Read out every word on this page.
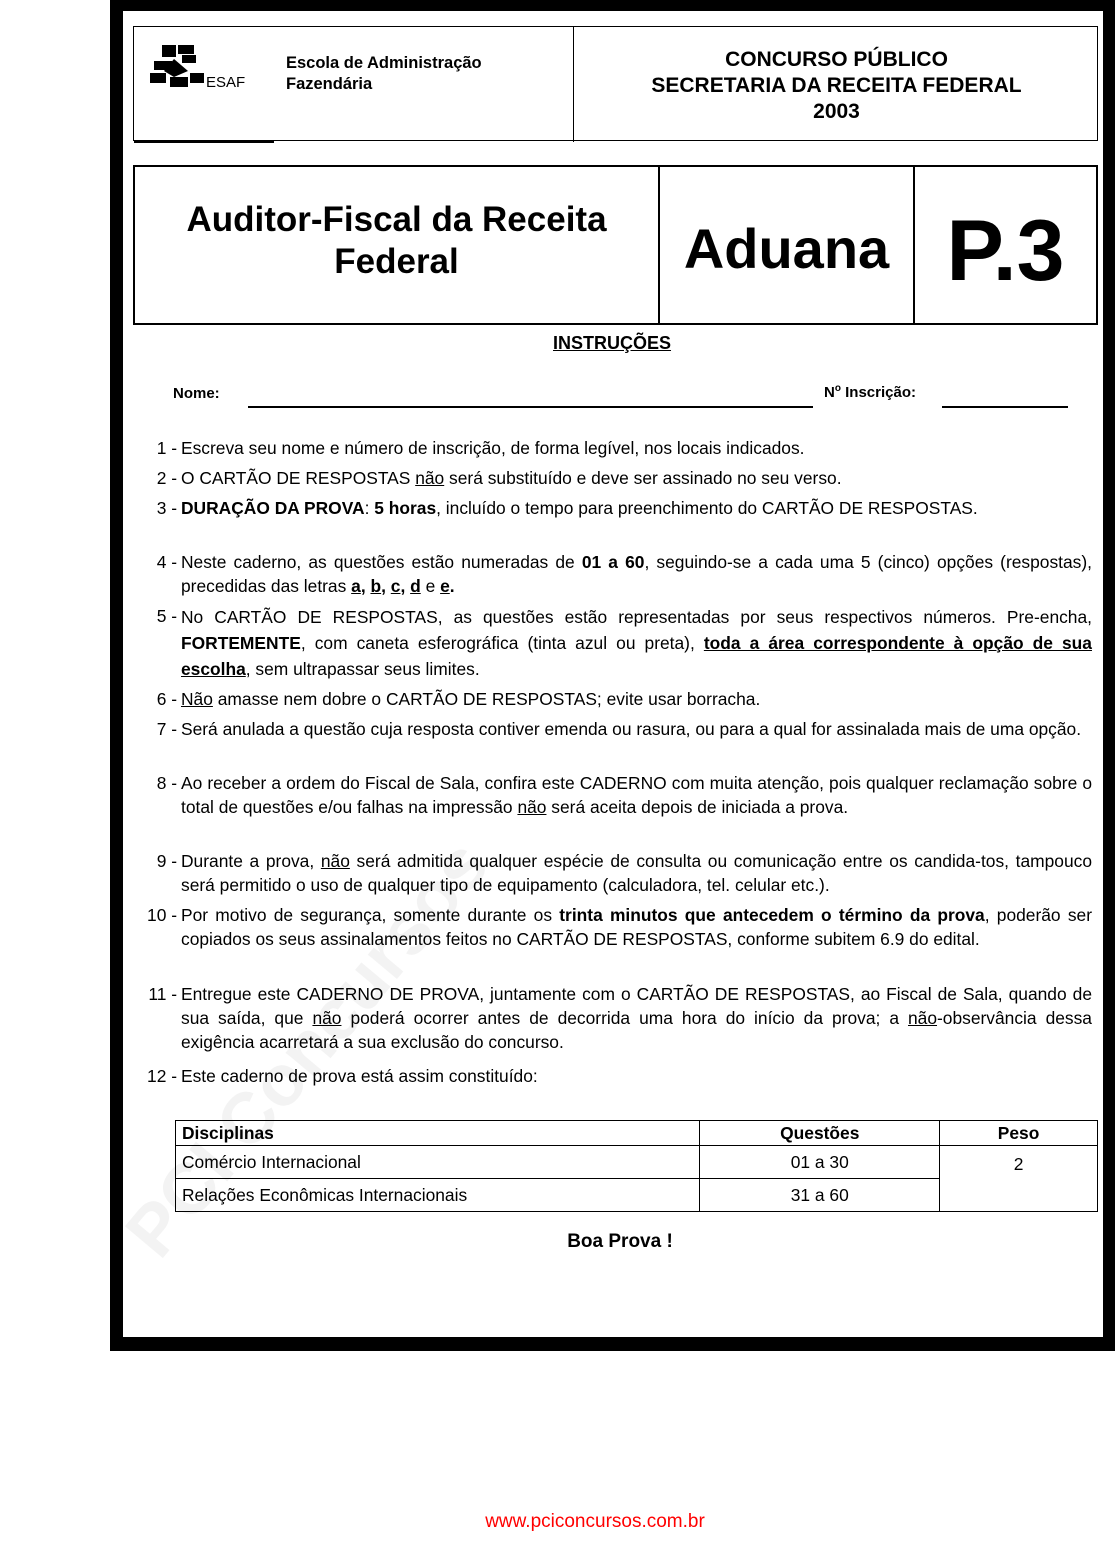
ESAF
Escola de Administração
Fazendária
CONCURSO PÚBLICO
SECRETARIA DA RECEITA FEDERAL
2003
Auditor-Fiscal da Receita
Federal	Aduana P.3
INSTRUÇÕES
Nome:	$N^o$ Inscrição:
1 - Escreva seu nome e número de inscrição, de forma legível, nos locais indicados.
2 - O CARTÃO DE RESPOSTAS não será substituído e deve ser assinado no seu verso.
3 - DURAÇÃO DA PROVA: 5 horas, incluído o tempo para preenchimento do CARTÃO DE RESPOSTAS.
4 - Neste caderno, as questões estão numeradas de 01 a 60, seguindo-se a cada uma 5 (cinco) opções (respostas), precedidas das letras a, b, c, d e e.
5 - No CARTÃO DE RESPOSTAS, as questões estão representadas por seus respectivos números. Pre-encha, FORTEMENTE, com caneta esferográfica (tinta azul ou preta), toda a área correspondente à opção de sua escolha, sem ultrapassar seus limites.
6 - Não amasse nem dobre o CARTÃO DE RESPOSTAS; evite usar borracha.
7 - Será anulada a questão cuja resposta contiver emenda ou rasura, ou para a qual for assinalada mais de uma opção.
8 - Ao receber a ordem do Fiscal de Sala, confira este CADERNO com muita atenção, pois qualquer reclamação sobre o total de questões e/ou falhas na impressão não será aceita depois de iniciada a prova.
9 - Durante a prova, não será admitida qualquer espécie de consulta ou comunicação entre os candida-tos, tampouco será permitido o uso de qualquer tipo de equipamento (calculadora, tel. celular etc.).
10 - Por motivo de segurança, somente durante os trinta minutos que antecedem o término da prova, poderão ser copiados os seus assinalamentos feitos no CARTÃO DE RESPOSTAS, conforme subitem 6.9 do edital.
11 - Entregue este CADERNO DE PROVA, juntamente com o CARTÃO DE RESPOSTAS, ao Fiscal de Sala, quando de sua saída, que não poderá ocorrer antes de decorrida uma hora do início da prova; a não-observância dessa exigência acarretará a sua exclusão do concurso.
12 - Este caderno de prova está assim constituído:
Disciplinas	Questões	Peso
Comércio Internacional	01 a 30	2
Relações Econômicas Internacionais	31 a 60	
Boa Prova !
www.pciconcursos.com.br
